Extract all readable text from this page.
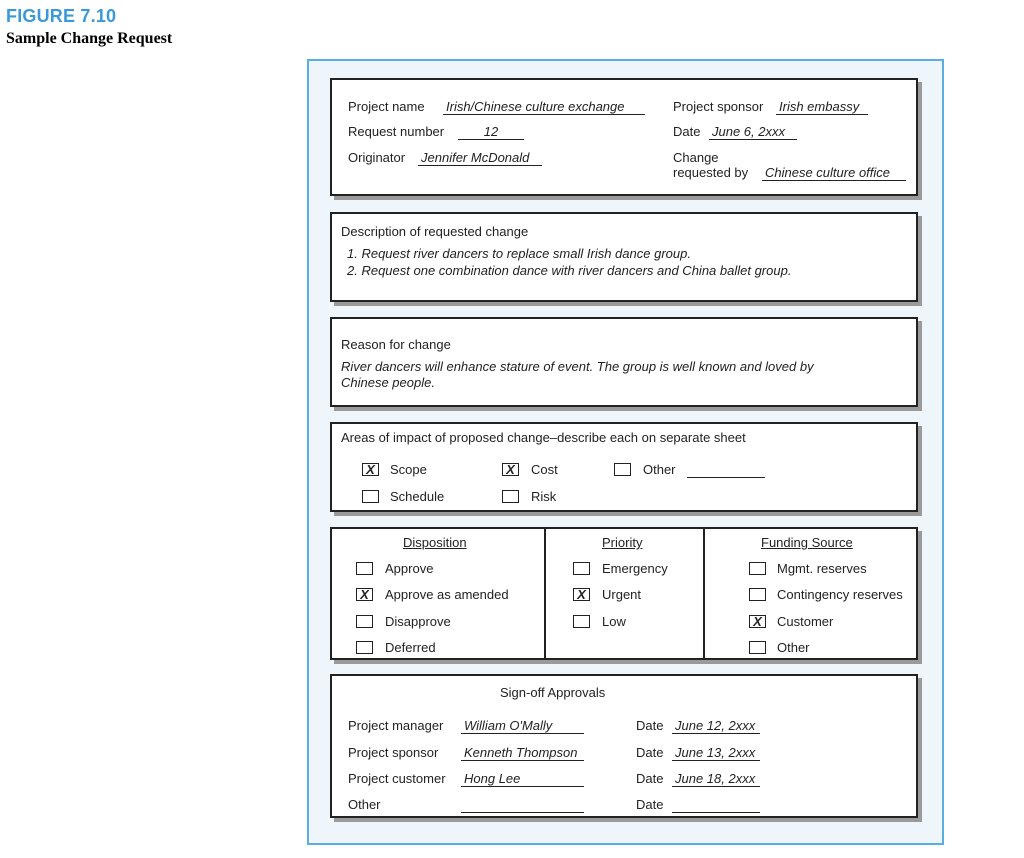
FIGURE 7.10
Sample Change Request
Project name Irish/Chinese culture exchange
Request number	12
Originator Jennifer McDonald
Project sponsor Irish embassy
Date June 6, 2xxx
Change
requested by Chinese culture office
Description of requested change
1. Request river dancers to replace small Irish dance group.
2. Request one combination dance with river dancers and China ballet group.
Reason for change
River dancers will enhance stature of event. The group is well known and loved by Chinese people.
Areas of impact of proposed change–describe each on separate sheet
X	Scope
Schedule
X	Cost
Risk
Other
Disposition
Approve
X	Approve as amended
Disapprove
Deferred
Priority
Emergency
X	Urgent
Low
Funding Source
Mgmt. reserves
Contingency reserves
X	Customer
Other
Sign-off Approvals
Project manager William O'Mally	Date June 12, 2xxx
Project sponsor Kenneth Thompson	Date June 13, 2xxx
Project customer Hong Lee	Date June 18, 2xxx
Other	Date
